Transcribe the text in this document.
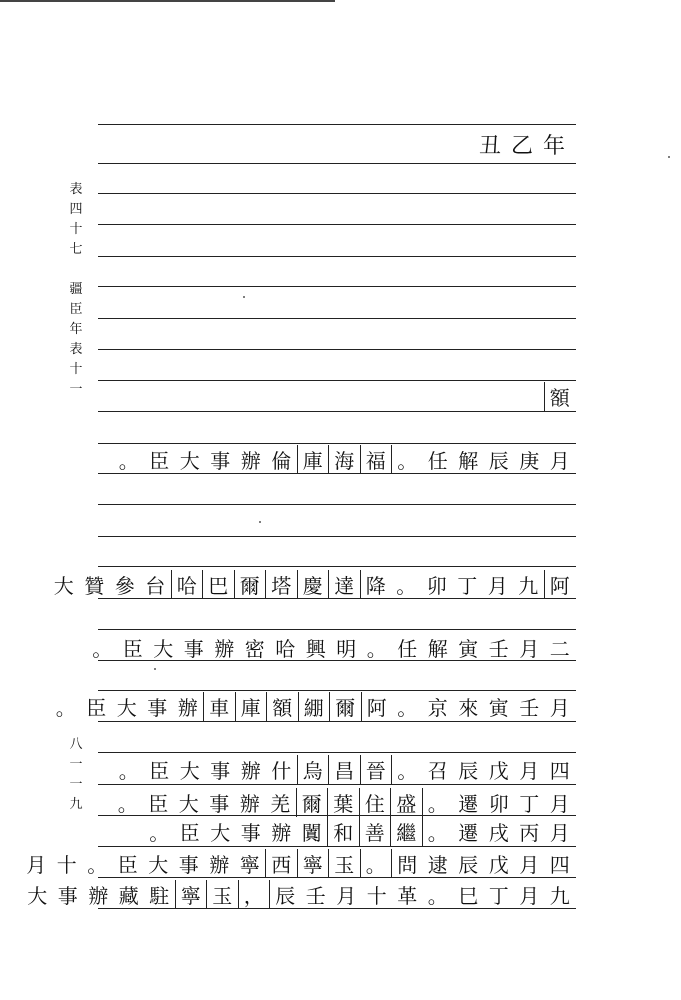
表
四
十
七
疆
臣
年
表
十
一
八
一
一
九
丑乙年
額
月
庚
辰
解
任
。
福
海
庫
倫
辦
事
大
臣
。
阿
九
月
丁
卯
。
降
達
慶
塔
爾
巴
哈
台
參
贊
大
二
月
壬
寅
解
任
。
明
興
哈
密
辦
事
大
臣
。
月
壬
寅
來
京
。
阿
爾
綳
額
庫
車
辦
事
大
臣
。
四
月
戊
辰
召
。
晉
昌
烏
什
辦
事
大
臣
。
月
丁
卯
遷
。
盛
住
葉
爾
羌
辦
事
大
臣
。
月
丙
戌
遷
。
繼
善
和
闐
辦
事
大
臣
。
四
月
戊
辰
逮
問
。
玉
寧
西
寧
辦
事
大
臣
。
十
月
九
月
丁
巳
。
革
十
月
壬
辰
，
玉
寧
駐
藏
辦
事
大
